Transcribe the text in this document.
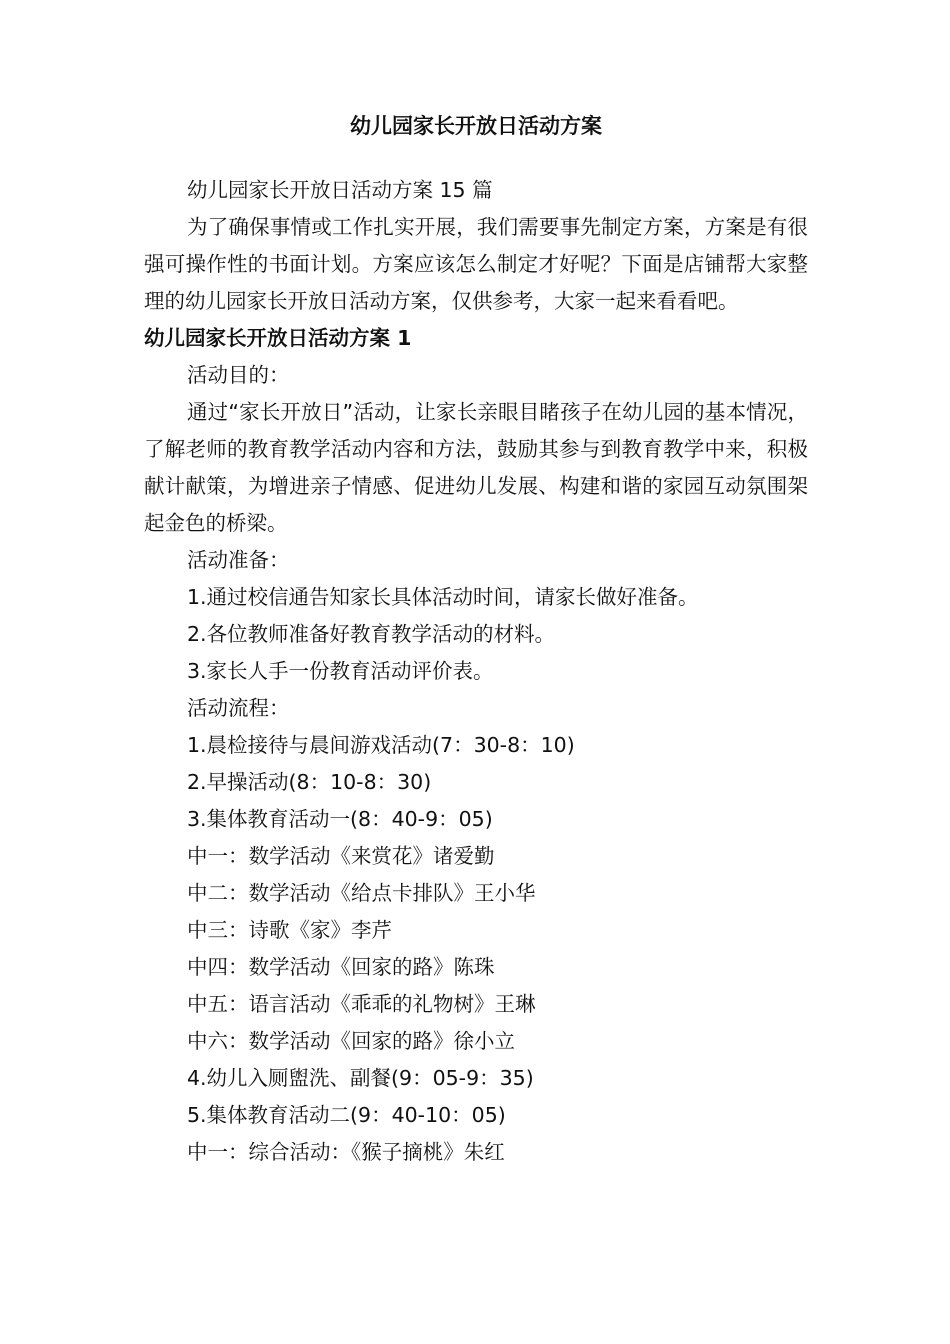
幼儿园家长开放日活动方案

幼儿园家长开放日活动方案 15 篇

为了确保事情或工作扎实开展，我们需要事先制定方案，方案是有很强可操作性的书面计划。方案应该怎么制定才好呢？下面是店铺帮大家整理的幼儿园家长开放日活动方案，仅供参考，大家一起来看看吧。

幼儿园家长开放日活动方案 1

活动目的：

通过“家长开放日”活动，让家长亲眼目睹孩子在幼儿园的基本情况，了解老师的教育教学活动内容和方法，鼓励其参与到教育教学中来，积极献计献策，为增进亲子情感、促进幼儿发展、构建和谐的家园互动氛围架起金色的桥梁。

活动准备：

1.通过校信通告知家长具体活动时间，请家长做好准备。

2.各位教师准备好教育教学活动的材料。

3.家长人手一份教育活动评价表。

活动流程：

1.晨检接待与晨间游戏活动(7：30-8：10)

2.早操活动(8：10-8：30)

3.集体教育活动一(8：40-9：05)

中一：数学活动《来赏花》诸爱勤

中二：数学活动《给点卡排队》王小华

中三：诗歌《家》李芹

中四：数学活动《回家的路》陈珠

中五：语言活动《乖乖的礼物树》王琳

中六：数学活动《回家的路》徐小立

4.幼儿入厕盥洗、副餐(9：05-9：35)

5.集体教育活动二(9：40-10：05)

中一：综合活动：《猴子摘桃》朱红
